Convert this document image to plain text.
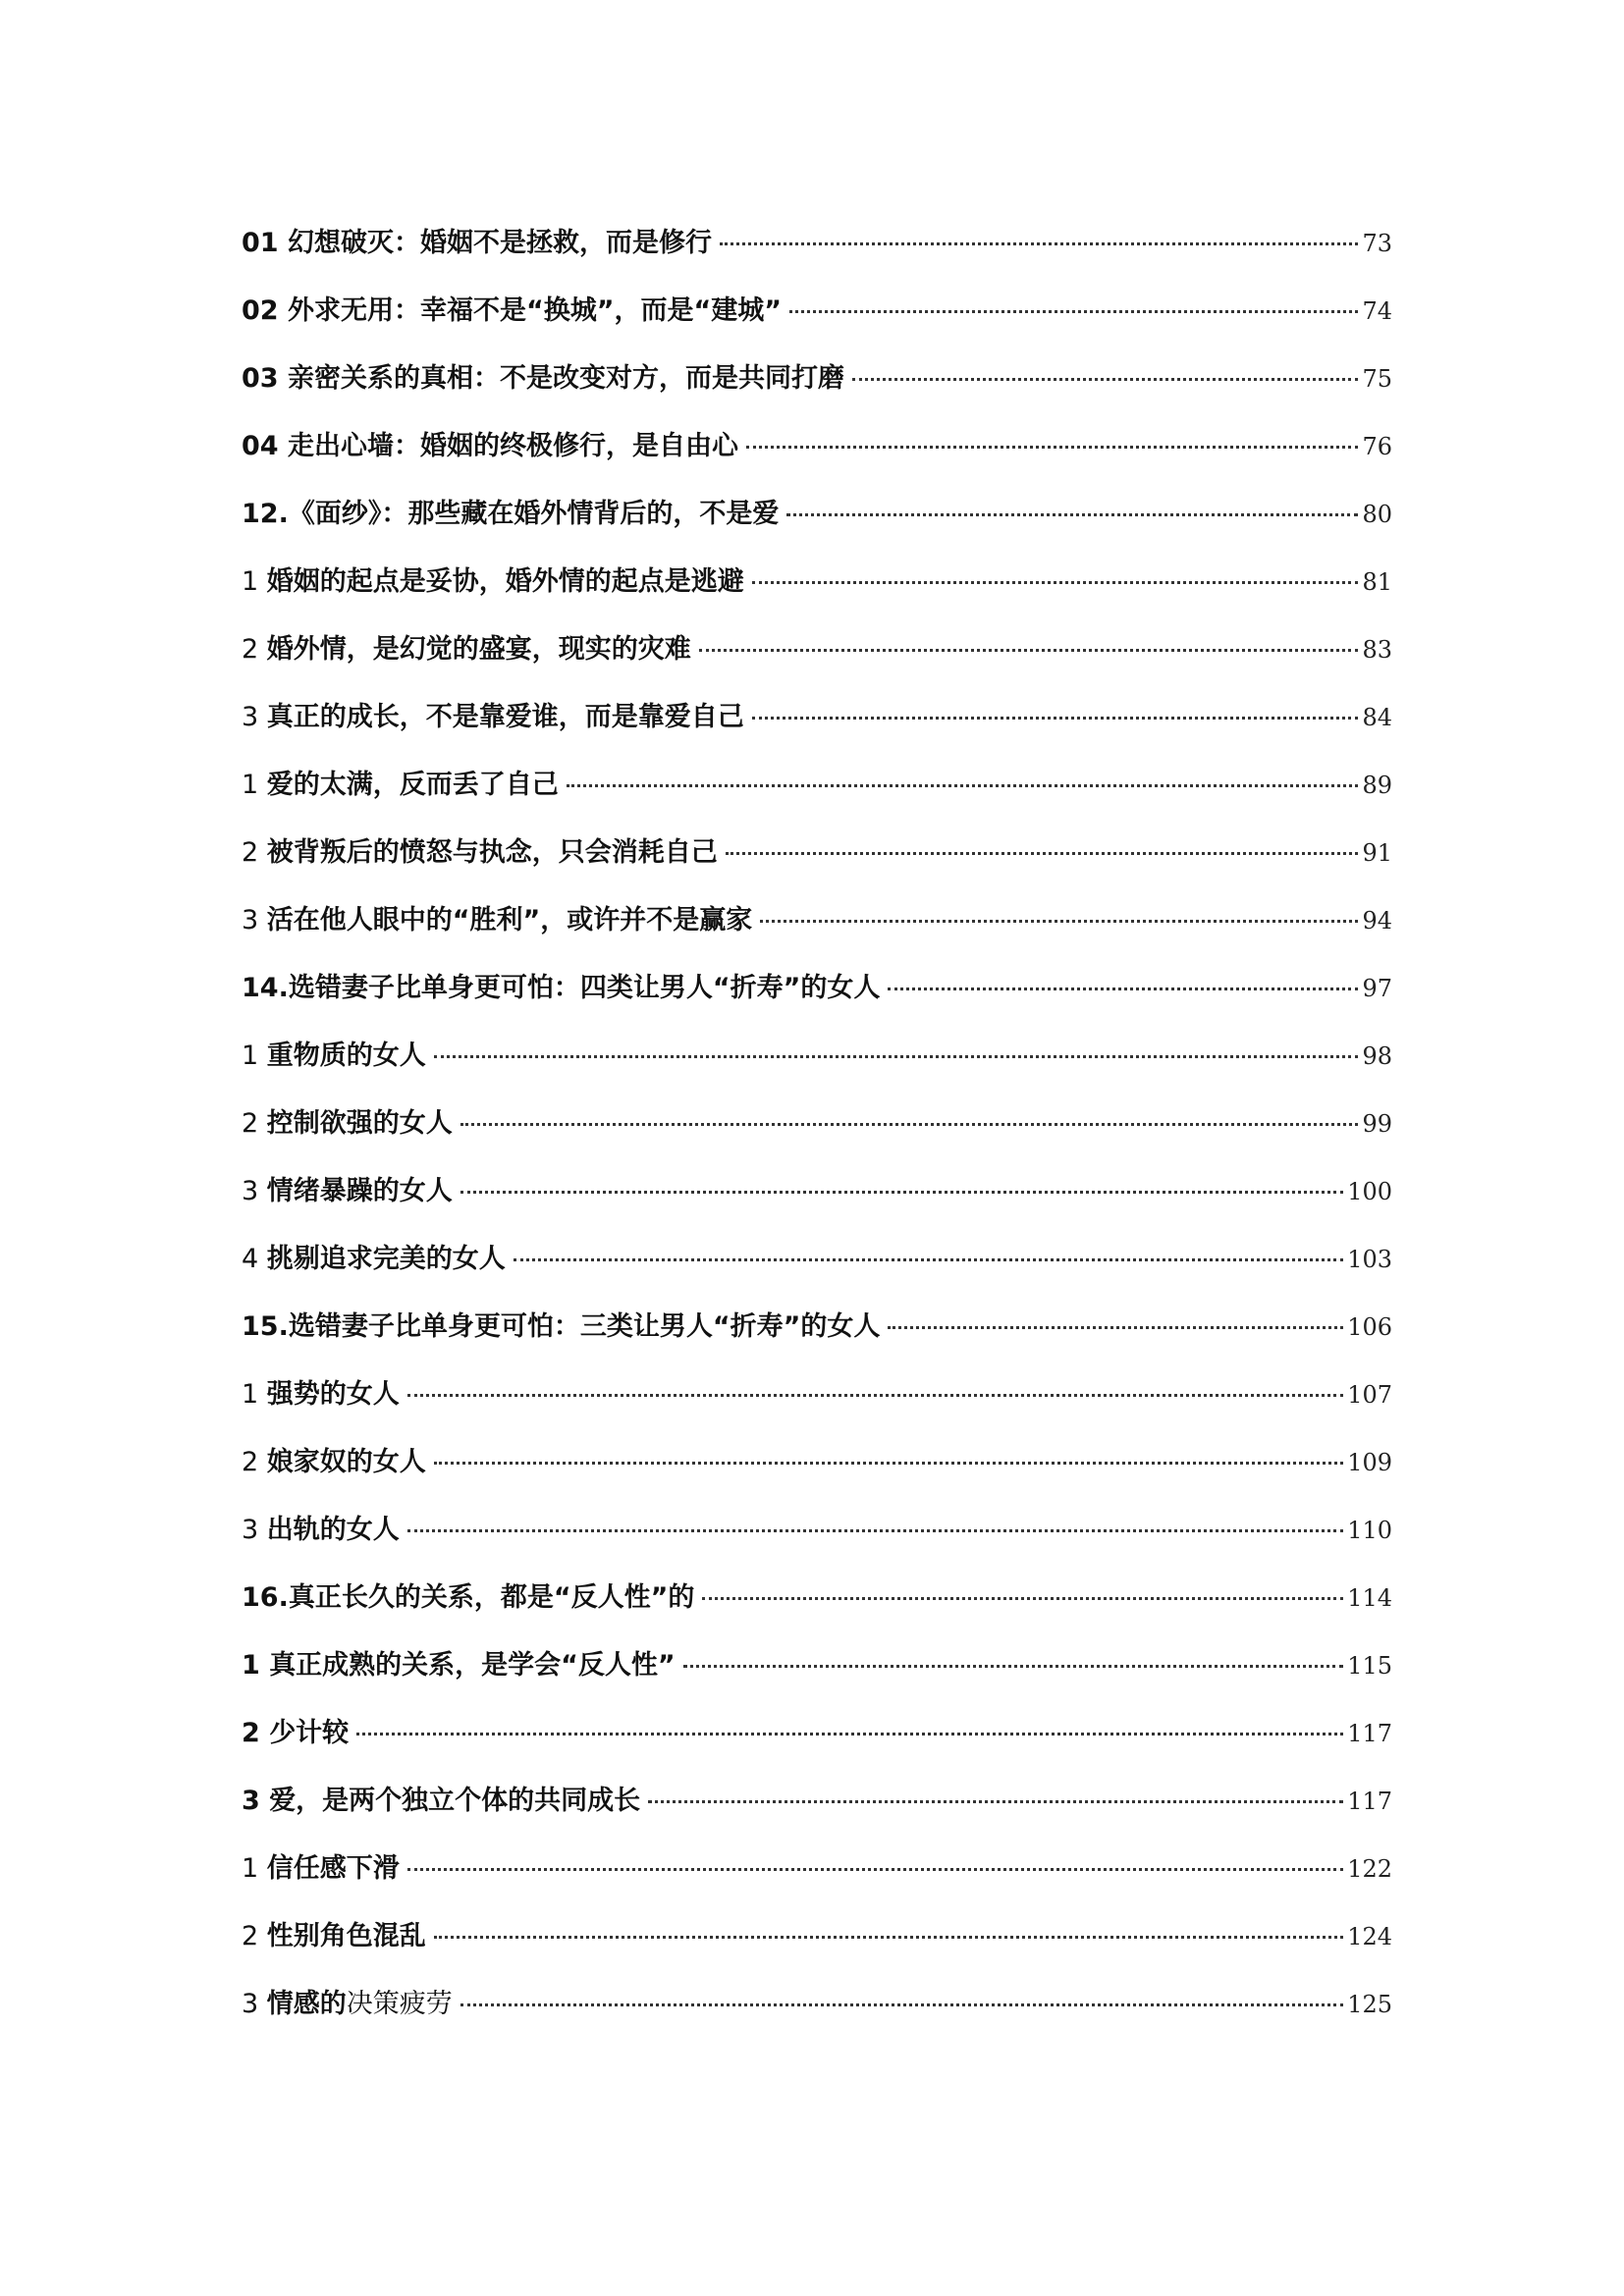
01 幻想破灭：婚姻不是拯救，而是修行	73
02 外求无用：幸福不是“换城”，而是“建城”	74
03 亲密关系的真相：不是改变对方，而是共同打磨	75
04 走出心墙：婚姻的终极修行，是自由心	76
12.《面纱》：那些藏在婚外情背后的，不是爱	80
1 婚姻的起点是妥协，婚外情的起点是逃避	81
2 婚外情，是幻觉的盛宴，现实的灾难	83
3 真正的成长，不是靠爱谁，而是靠爱自己	84
1 爱的太满，反而丢了自己	89
2 被背叛后的愤怒与执念，只会消耗自己	91
3 活在他人眼中的“胜利”，或许并不是赢家	94
14.选错妻子比单身更可怕：四类让男人“折寿”的女人	97
1 重物质的女人	98
2 控制欲强的女人	99
3 情绪暴躁的女人	100
4 挑剔追求完美的女人	103
15.选错妻子比单身更可怕：三类让男人“折寿”的女人	106
1 强势的女人	107
2 娘家奴的女人	109
3 出轨的女人	110
16.真正长久的关系，都是“反人性”的	114
1 真正成熟的关系，是学会“反人性”	115
2 少计较	117
3 爱，是两个独立个体的共同成长	117
1 信任感下滑	122
2 性别角色混乱	124
3 情感的决策疲劳	125
